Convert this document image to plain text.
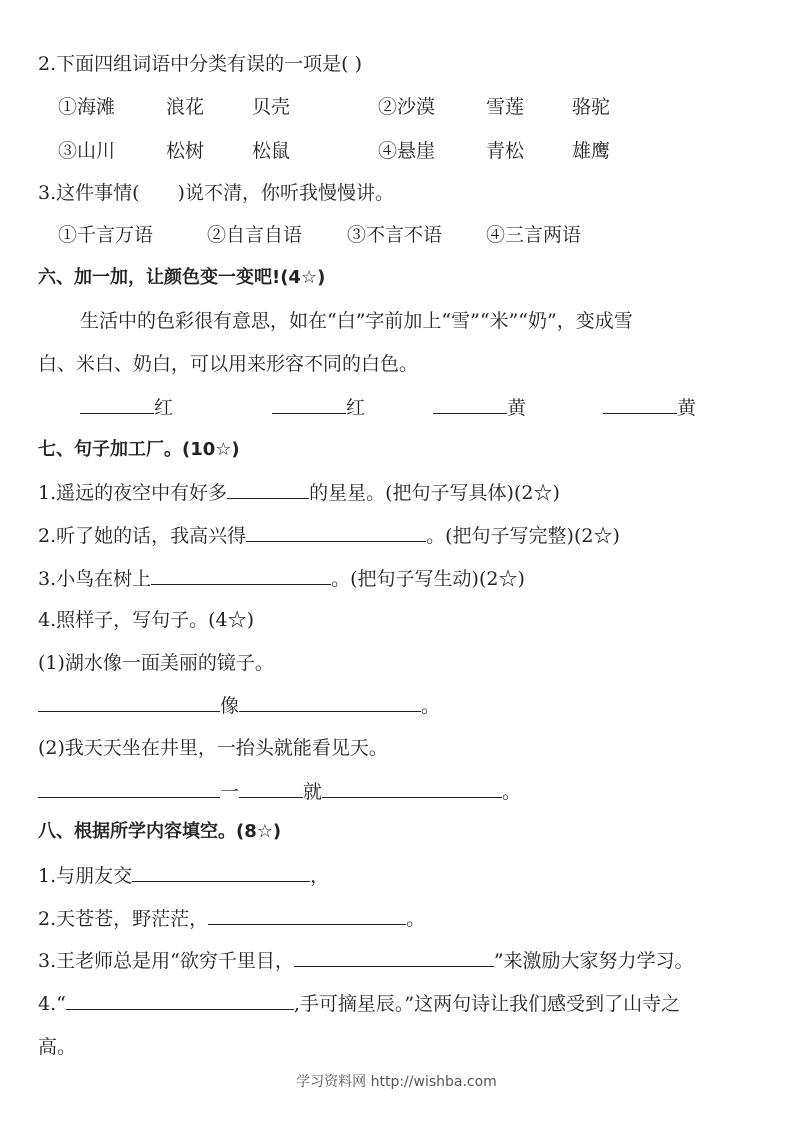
2.下面四组词语中分类有误的一项是( )
①海滩	浪花	贝壳	②沙漠	雪莲	骆驼
③山川	松树	松鼠	④悬崖	青松	雄鹰
3.这件事情( )说不清，你听我慢慢讲。
①千言万语	②自言自语 ③不言不语 ④三言两语
六、加一加，让颜色变一变吧!(4☆)
生活中的色彩很有意思，如在“白”字前加上“雪”“米”“奶”，变成雪
白、米白、奶白，可以用来形容不同的白色。
红	红	黄	黄
七、句子加工厂。(10☆)
1.遥远的夜空中有好多	的星星。(把句子写具体)(2☆)
2.听了她的话，我高兴得	。(把句子写完整)(2☆)
3.小鸟在树上	。(把句子写生动)(2☆)
4.照样子，写句子。(4☆)
(1)湖水像一面美丽的镜子。
像	。
(2)我天天坐在井里，一抬头就能看见天。
一	就	。
八、根据所学内容填空。(8☆)
1.与朋友交	，
2.天苍苍，野茫茫，	。
3.王老师总是用“欲穷千里目，	”来激励大家努力学习。
4.“	,手可摘星辰。”这两句诗让我们感受到了山寺之
高。
学习资料网 http://wishba.com
